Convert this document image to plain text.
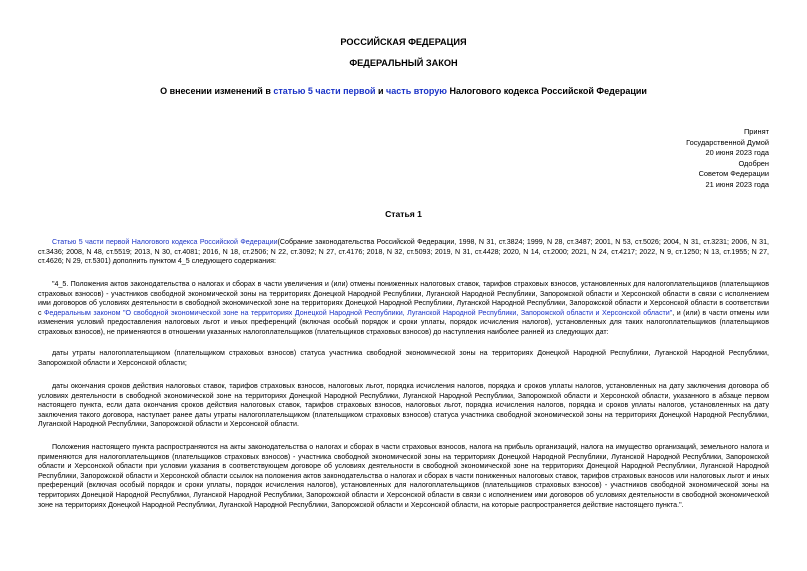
РОССИЙСКАЯ ФЕДЕРАЦИЯ
ФЕДЕРАЛЬНЫЙ ЗАКОН
О внесении изменений в статью 5 части первой и часть вторую Налогового кодекса Российской Федерации
Принят
Государственной Думой
20 июня 2023 года
Одобрен
Советом Федерации
21 июня 2023 года
Статья 1

Статью 5 части первой Налогового кодекса Российской Федерации(Собрание законодательства Российской Федерации, 1998, N 31, ст.3824; 1999, N 28, ст.3487; 2001, N 53, ст.5026; 2004, N 31, ст.3231; 2006, N 31, ст.3436; 2008, N 48, ст.5519; 2013, N 30, ст.4081; 2016, N 18, ст.2506; N 22, ст.3092; N 27, ст.4176; 2018, N 32, ст.5093; 2019, N 31, ст.4428; 2020, N 14, ст.2000; 2021, N 24, ст.4217; 2022, N 9, ст.1250; N 13, ст.1955; N 27, ст.4626; N 29, ст.5301) дополнить пунктом 4_5 следующего содержания:

"4_5. Положения актов законодательства о налогах и сборах в части увеличения и (или) отмены пониженных налоговых ставок, тарифов страховых взносов, установленных для налогоплательщиков (плательщиков страховых взносов) - участников свободной экономической зоны на территориях Донецкой Народной Республики, Луганской Народной Республики, Запорожской области и Херсонской области в связи с исполнением ими договоров об условиях деятельности в свободной экономической зоне на территориях Донецкой Народной Республики, Луганской Народной Республики, Запорожской области и Херсонской области в соответствии с Федеральным законом "О свободной экономической зоне на территориях Донецкой Народной Республики, Луганской Народной Республики, Запорожской области и Херсонской области", и (или) в части отмены или изменения условий предоставления налоговых льгот и иных преференций (включая особый порядок и сроки уплаты, порядок исчисления налогов), установленных для таких налогоплательщиков (плательщиков страховых взносов), не применяются в отношении указанных налогоплательщиков (плательщиков страховых взносов) до наступления наиболее ранней из следующих дат:

даты утраты налогоплательщиком (плательщиком страховых взносов) статуса участника свободной экономической зоны на территориях Донецкой Народной Республики, Луганской Народной Республики, Запорожской области и Херсонской области;

даты окончания сроков действия налоговых ставок, тарифов страховых взносов, налоговых льгот, порядка исчисления налогов, порядка и сроков уплаты налогов, установленных на дату заключения договора об условиях деятельности в свободной экономической зоне на территориях Донецкой Народной Республики, Луганской Народной Республики, Запорожской области и Херсонской области, указанного в абзаце первом настоящего пункта, если дата окончания сроков действия налоговых ставок, тарифов страховых взносов, налоговых льгот, порядка исчисления налогов, порядка и сроков уплаты налогов, установленных на дату заключения такого договора, наступает ранее даты утраты налогоплательщиком (плательщиком страховых взносов) статуса участника свободной экономической зоны на территориях Донецкой Народной Республики, Луганской Народной Республики, Запорожской области и Херсонской области.

Положения настоящего пункта распространяются на акты законодательства о налогах и сборах в части страховых взносов, налога на прибыль организаций, налога на имущество организаций, земельного налога и применяются для налогоплательщиков (плательщиков страховых взносов) - участника свободной экономической зоны на территориях Донецкой Народной Республики, Луганской Народной Республики, Запорожской области и Херсонской области при условии указания в соответствующем договоре об условиях деятельности в свободной экономической зоне на территориях Донецкой Народной Республики, Луганской Народной Республики, Запорожской области и Херсонской области ссылок на положения актов законодательства о налогах и сборах в части пониженных налоговых ставок, тарифов страховых взносов или налоговых льгот и иных преференций (включая особый порядок и сроки уплаты, порядок исчисления налогов), установленных для налогоплательщиков (плательщиков страховых взносов) - участников свободной экономической зоны на территориях Донецкой Народной Республики, Луганской Народной Республики, Запорожской области и Херсонской области в связи с исполнением ими договоров об условиях деятельности в свободной экономической зоне на территориях Донецкой Народной Республики, Луганской Народной Республики, Запорожской области и Херсонской области, на которые распространяется действие настоящего пункта.".
